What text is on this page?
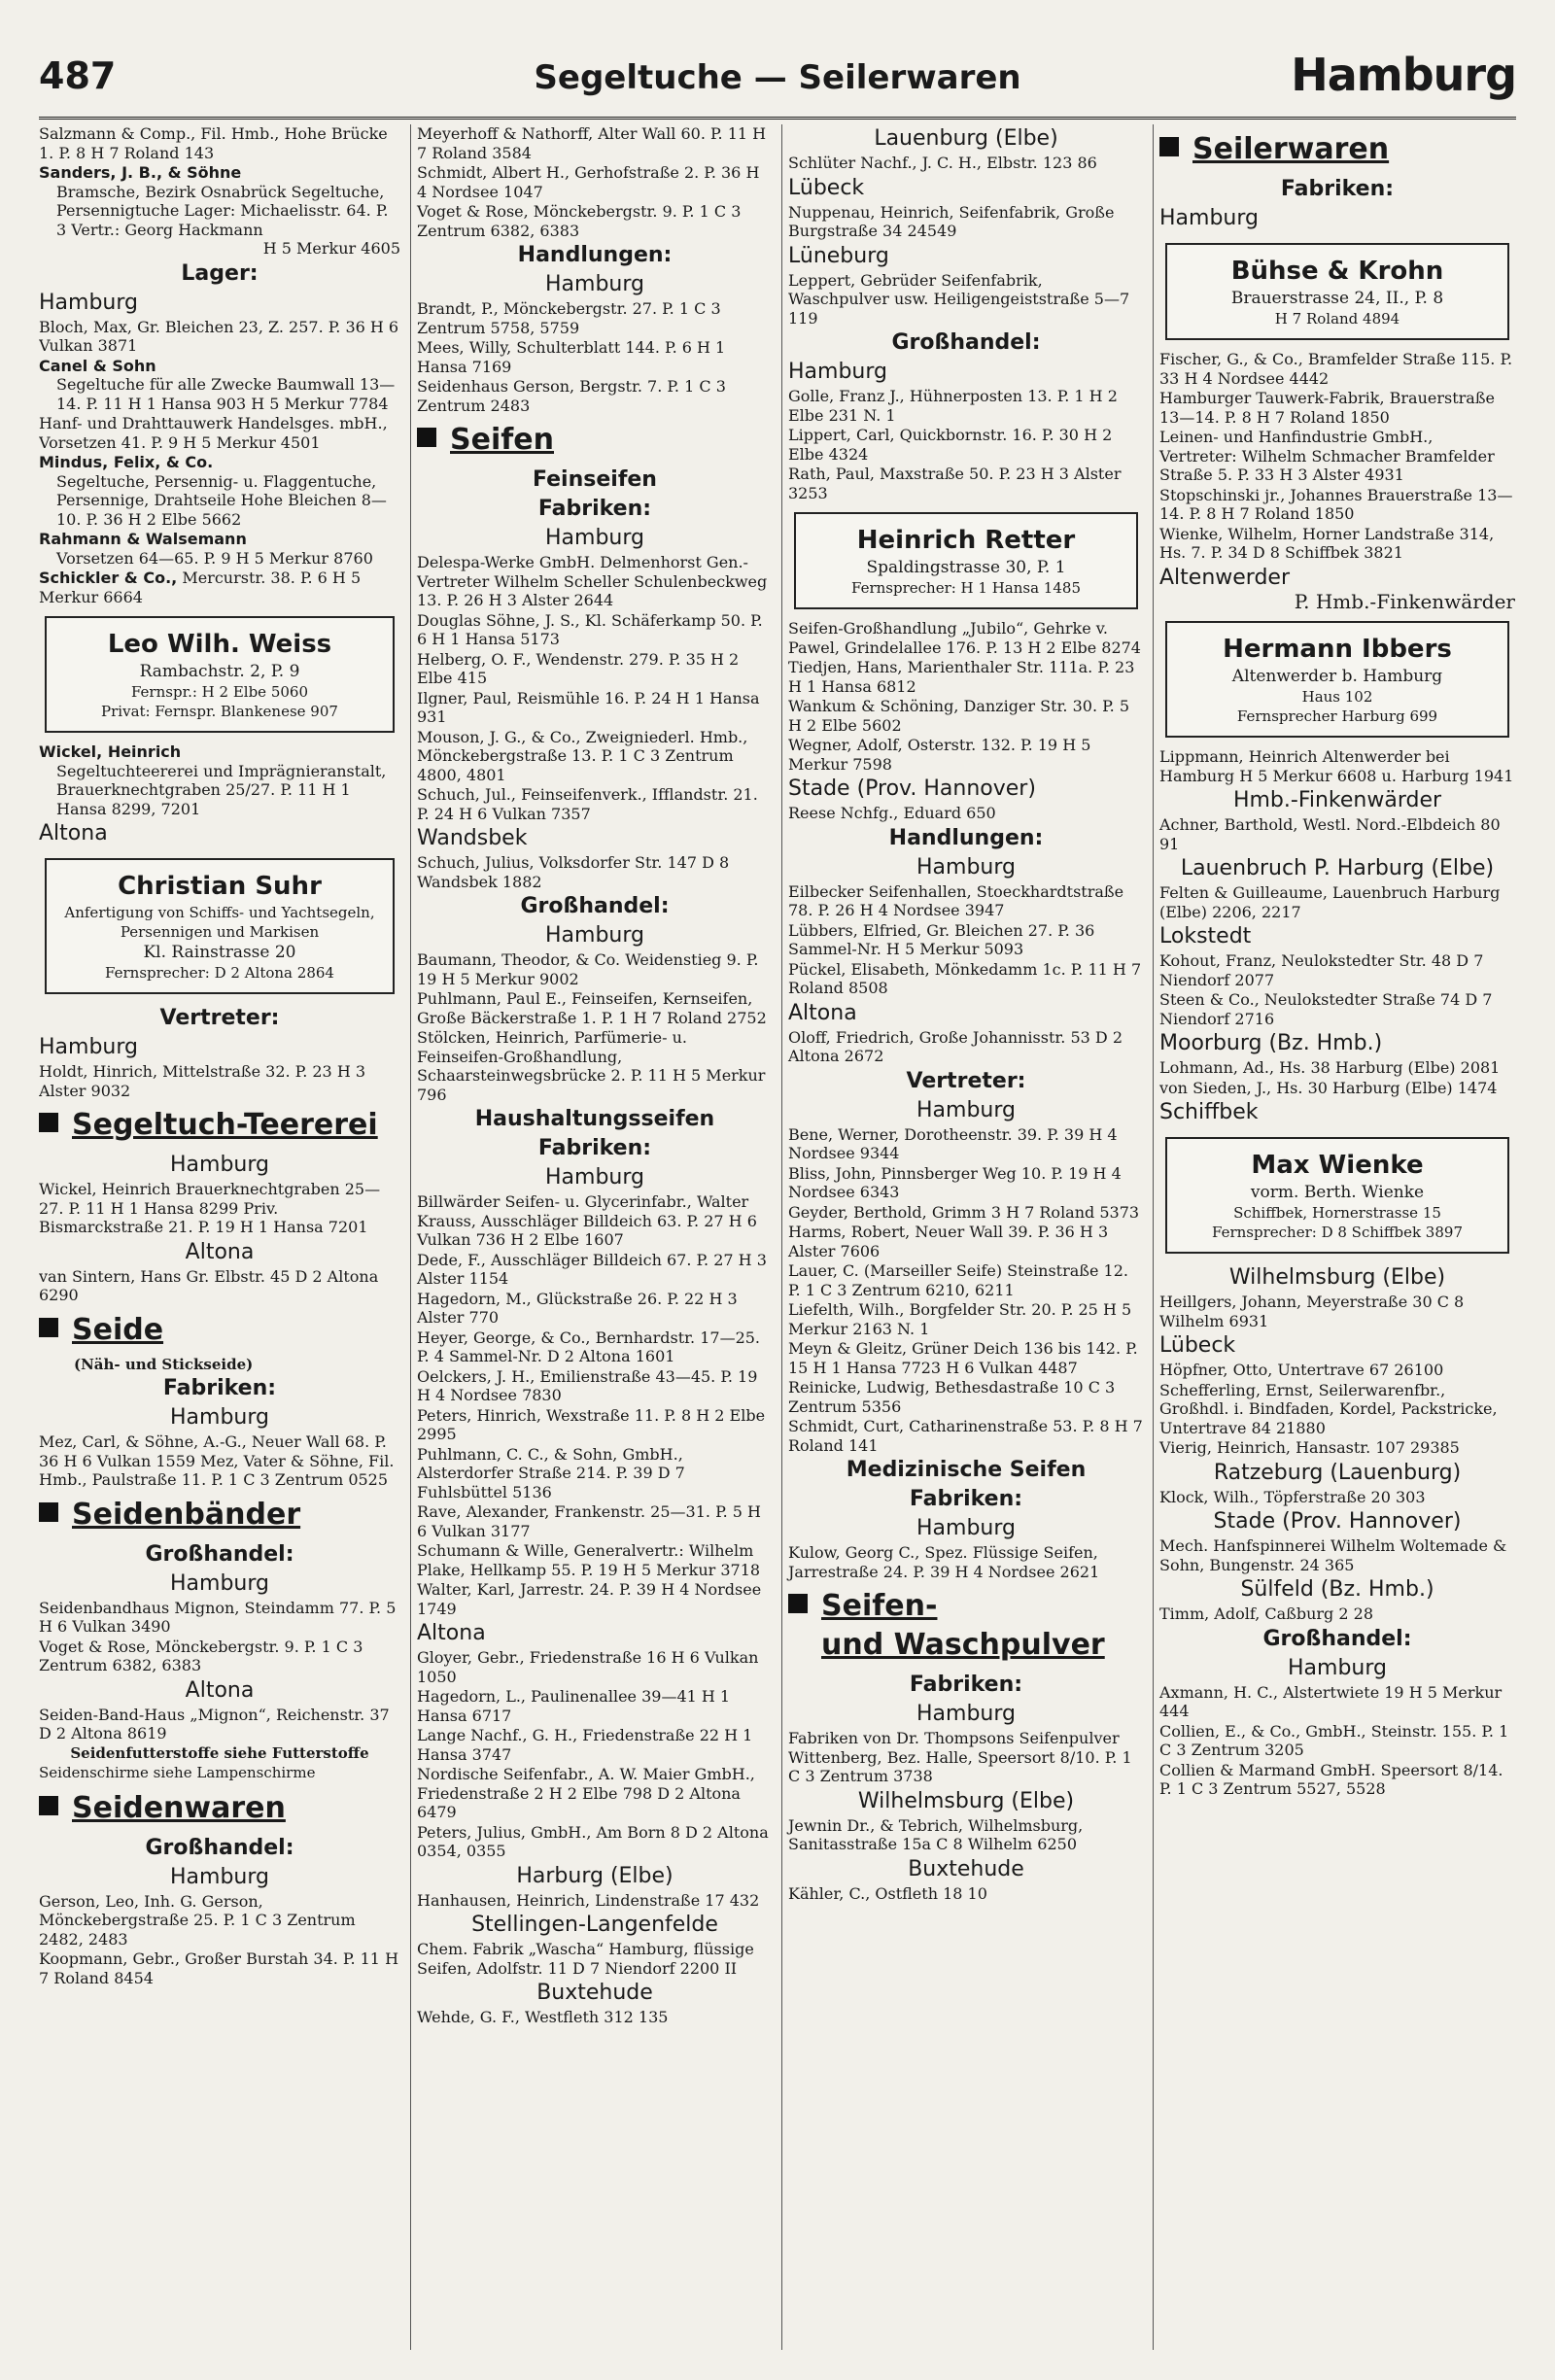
487	Segeltuche — Seilerwaren	Hamburg
Salzmann & Comp., Fil. Hmb., Hohe Brücke 1. P. 8 H 7 Roland 143
Sanders, J. B., & Söhne
Bramsche, Bezirk Osnabrück Segeltuche, Persennigtuche Lager: Michaelisstr. 64. P. 3 Vertr.: Georg Hackmann
H 5 Merkur 4605
Lager:
Hamburg
Bloch, Max, Gr. Bleichen 23, Z. 257. P. 36 H 6 Vulkan 3871
Canel & Sohn
Segeltuche für alle Zwecke Baumwall 13—14. P. 11 H 1 Hansa 903 H 5 Merkur 7784
Hanf- und Drahttauwerk Handelsges. mbH., Vorsetzen 41. P. 9 H 5 Merkur 4501
Mindus, Felix, & Co.
Segeltuche, Persennig- u. Flaggentuche, Persennige, Drahtseile Hohe Bleichen 8—10. P. 36 H 2 Elbe 5662
Rahmann & Walsemann
Vorsetzen 64—65. P. 9 H 5 Merkur 8760
Schickler & Co., Mercurstr. 38. P. 6 H 5 Merkur 6664
Leo Wilh. Weiss
Rambachstr. 2, P. 9
Fernspr.: H 2 Elbe 5060
Privat: Fernspr. Blankenese 907
Wickel, Heinrich
Segeltuchteererei und Imprägnieranstalt, Brauerknechtgraben 25/27. P. 11 H 1 Hansa 8299, 7201
Altona
Christian Suhr
Anfertigung von Schiffs- und Yachtsegeln, Persennigen und Markisen
Kl. Rainstrasse 20
Fernsprecher: D 2 Altona 2864
Vertreter:
Hamburg
Holdt, Hinrich, Mittelstraße 32. P. 23 H 3 Alster 9032
Segeltuch-Teererei
Hamburg
Wickel, Heinrich Brauerknechtgraben 25—27. P. 11 H 1 Hansa 8299 Priv. Bismarckstraße 21. P. 19 H 1 Hansa 7201
Altona
van Sintern, Hans Gr. Elbstr. 45 D 2 Altona 6290
Seide
(Näh- und Stickseide)
Fabriken:
Hamburg
Mez, Carl, & Söhne, A.-G., Neuer Wall 68. P. 36 H 6 Vulkan 1559 Mez, Vater & Söhne, Fil. Hmb., Paulstraße 11. P. 1 C 3 Zentrum 0525
Seidenbänder
Großhandel:
Hamburg
Seidenbandhaus Mignon, Steindamm 77. P. 5 H 6 Vulkan 3490
Voget & Rose, Mönckebergstr. 9. P. 1 C 3 Zentrum 6382, 6383
Altona
Seiden-Band-Haus „Mignon“, Reichenstr. 37 D 2 Altona 8619
Seidenfutterstoffe siehe Futterstoffe
Seidenschirme siehe Lampenschirme
Seidenwaren
Großhandel:
Hamburg
Gerson, Leo, Inh. G. Gerson, Mönckebergstraße 25. P. 1 C 3 Zentrum 2482, 2483
Koopmann, Gebr., Großer Burstah 34. P. 11 H 7 Roland 8454
Meyerhoff & Nathorff, Alter Wall 60. P. 11 H 7 Roland 3584
Schmidt, Albert H., Gerhofstraße 2. P. 36 H 4 Nordsee 1047
Voget & Rose, Mönckebergstr. 9. P. 1 C 3 Zentrum 6382, 6383
Handlungen:
Hamburg
Brandt, P., Mönckebergstr. 27. P. 1 C 3 Zentrum 5758, 5759
Mees, Willy, Schulterblatt 144. P. 6 H 1 Hansa 7169
Seidenhaus Gerson, Bergstr. 7. P. 1 C 3 Zentrum 2483
Seifen
Feinseifen
Fabriken:
Hamburg
Delespa-Werke GmbH. Delmenhorst Gen.-Vertreter Wilhelm Scheller Schulenbeckweg 13. P. 26 H 3 Alster 2644
Douglas Söhne, J. S., Kl. Schäferkamp 50. P. 6 H 1 Hansa 5173
Helberg, O. F., Wendenstr. 279. P. 35 H 2 Elbe 415
Ilgner, Paul, Reismühle 16. P. 24 H 1 Hansa 931
Mouson, J. G., & Co., Zweigniederl. Hmb., Mönckebergstraße 13. P. 1 C 3 Zentrum 4800, 4801
Schuch, Jul., Feinseifenverk., Ifflandstr. 21. P. 24 H 6 Vulkan 7357
Wandsbek
Schuch, Julius, Volksdorfer Str. 147 D 8 Wandsbek 1882
Großhandel:
Hamburg
Baumann, Theodor, & Co. Weidenstieg 9. P. 19 H 5 Merkur 9002
Puhlmann, Paul E., Feinseifen, Kernseifen, Große Bäckerstraße 1. P. 1 H 7 Roland 2752
Stölcken, Heinrich, Parfümerie- u. Feinseifen-Großhandlung, Schaarsteinwegsbrücke 2. P. 11 H 5 Merkur 796
Haushaltungsseifen
Fabriken:
Hamburg
Billwärder Seifen- u. Glycerinfabr., Walter Krauss, Ausschläger Billdeich 63. P. 27 H 6 Vulkan 736 H 2 Elbe 1607
Dede, F., Ausschläger Billdeich 67. P. 27 H 3 Alster 1154
Hagedorn, M., Glückstraße 26. P. 22 H 3 Alster 770
Heyer, George, & Co., Bernhardstr. 17—25. P. 4 Sammel-Nr. D 2 Altona 1601
Oelckers, J. H., Emilienstraße 43—45. P. 19 H 4 Nordsee 7830
Peters, Hinrich, Wexstraße 11. P. 8 H 2 Elbe 2995
Puhlmann, C. C., & Sohn, GmbH., Alsterdorfer Straße 214. P. 39 D 7 Fuhlsbüttel 5136
Rave, Alexander, Frankenstr. 25—31. P. 5 H 6 Vulkan 3177
Schumann & Wille, Generalvertr.: Wilhelm Plake, Hellkamp 55. P. 19 H 5 Merkur 3718
Walter, Karl, Jarrestr. 24. P. 39 H 4 Nordsee 1749
Altona
Gloyer, Gebr., Friedenstraße 16 H 6 Vulkan 1050
Hagedorn, L., Paulinenallee 39—41 H 1 Hansa 6717
Lange Nachf., G. H., Friedenstraße 22 H 1 Hansa 3747
Nordische Seifenfabr., A. W. Maier GmbH., Friedenstraße 2 H 2 Elbe 798 D 2 Altona 6479
Peters, Julius, GmbH., Am Born 8 D 2 Altona 0354, 0355
Harburg (Elbe)
Hanhausen, Heinrich, Lindenstraße 17 432
Stellingen-Langenfelde
Chem. Fabrik „Wascha“ Hamburg, flüssige Seifen, Adolfstr. 11 D 7 Niendorf 2200 II
Buxtehude
Wehde, G. F., Westfleth 312 135
Lauenburg (Elbe)
Schlüter Nachf., J. C. H., Elbstr. 123 86
Lübeck
Nuppenau, Heinrich, Seifenfabrik, Große Burgstraße 34 24549
Lüneburg
Leppert, Gebrüder Seifenfabrik, Waschpulver usw. Heiligengeiststraße 5—7 119
Großhandel:
Hamburg
Golle, Franz J., Hühnerposten 13. P. 1 H 2 Elbe 231 N. 1
Lippert, Carl, Quickbornstr. 16. P. 30 H 2 Elbe 4324
Rath, Paul, Maxstraße 50. P. 23 H 3 Alster 3253
Heinrich Retter
Spaldingstrasse 30, P. 1
Fernsprecher: H 1 Hansa 1485
Seifen-Großhandlung „Jubilo“, Gehrke v. Pawel, Grindelallee 176. P. 13 H 2 Elbe 8274
Tiedjen, Hans, Marienthaler Str. 111a. P. 23 H 1 Hansa 6812
Wankum & Schöning, Danziger Str. 30. P. 5 H 2 Elbe 5602
Wegner, Adolf, Osterstr. 132. P. 19 H 5 Merkur 7598
Stade (Prov. Hannover)
Reese Nchfg., Eduard 650
Handlungen:
Hamburg
Eilbecker Seifenhallen, Stoeckhardtstraße 78. P. 26 H 4 Nordsee 3947
Lübbers, Elfried, Gr. Bleichen 27. P. 36 Sammel-Nr. H 5 Merkur 5093
Pückel, Elisabeth, Mönkedamm 1c. P. 11 H 7 Roland 8508
Altona
Oloff, Friedrich, Große Johannisstr. 53 D 2 Altona 2672
Vertreter:
Hamburg
Bene, Werner, Dorotheenstr. 39. P. 39 H 4 Nordsee 9344
Bliss, John, Pinnsberger Weg 10. P. 19 H 4 Nordsee 6343
Geyder, Berthold, Grimm 3 H 7 Roland 5373
Harms, Robert, Neuer Wall 39. P. 36 H 3 Alster 7606
Lauer, C. (Marseiller Seife) Steinstraße 12. P. 1 C 3 Zentrum 6210, 6211
Liefelth, Wilh., Borgfelder Str. 20. P. 25 H 5 Merkur 2163 N. 1
Meyn & Gleitz, Grüner Deich 136 bis 142. P. 15 H 1 Hansa 7723 H 6 Vulkan 4487
Reinicke, Ludwig, Bethesdastraße 10 C 3 Zentrum 5356
Schmidt, Curt, Catharinenstraße 53. P. 8 H 7 Roland 141
Medizinische Seifen
Fabriken:
Hamburg
Kulow, Georg C., Spez. Flüssige Seifen, Jarrestraße 24. P. 39 H 4 Nordsee 2621
Seifen-
und Waschpulver
Fabriken:
Hamburg
Fabriken von Dr. Thompsons Seifenpulver Wittenberg, Bez. Halle, Speersort 8/10. P. 1 C 3 Zentrum 3738
Wilhelmsburg (Elbe)
Jewnin Dr., & Tebrich, Wilhelmsburg, Sanitasstraße 15a C 8 Wilhelm 6250
Buxtehude
Kähler, C., Ostfleth 18 10
Seilerwaren
Fabriken:
Hamburg
Bühse & Krohn
Brauerstrasse 24, II., P. 8
H 7 Roland 4894
Fischer, G., & Co., Bramfelder Straße 115. P. 33 H 4 Nordsee 4442
Hamburger Tauwerk-Fabrik, Brauerstraße 13—14. P. 8 H 7 Roland 1850
Leinen- und Hanfindustrie GmbH., Vertreter: Wilhelm Schmacher Bramfelder Straße 5. P. 33 H 3 Alster 4931
Stopschinski jr., Johannes Brauerstraße 13—14. P. 8 H 7 Roland 1850
Wienke, Wilhelm, Horner Landstraße 314, Hs. 7. P. 34 D 8 Schiffbek 3821
Altenwerder
P. Hmb.-Finkenwärder
Hermann Ibbers
Altenwerder b. Hamburg
Haus 102
Fernsprecher Harburg 699
Lippmann, Heinrich Altenwerder bei Hamburg H 5 Merkur 6608 u. Harburg 1941
Hmb.-Finkenwärder
Achner, Barthold, Westl. Nord.-Elbdeich 80 91
Lauenbruch P. Harburg (Elbe)
Felten & Guilleaume, Lauenbruch Harburg (Elbe) 2206, 2217
Lokstedt
Kohout, Franz, Neulokstedter Str. 48 D 7 Niendorf 2077
Steen & Co., Neulokstedter Straße 74 D 7 Niendorf 2716
Moorburg (Bz. Hmb.)
Lohmann, Ad., Hs. 38 Harburg (Elbe) 2081
von Sieden, J., Hs. 30 Harburg (Elbe) 1474
Schiffbek
Max Wienke
vorm. Berth. Wienke
Schiffbek, Hornerstrasse 15
Fernsprecher: D 8 Schiffbek 3897
Wilhelmsburg (Elbe)
Heillgers, Johann, Meyerstraße 30 C 8 Wilhelm 6931
Lübeck
Höpfner, Otto, Untertrave 67 26100
Schefferling, Ernst, Seilerwarenfbr., Großhdl. i. Bindfaden, Kordel, Packstricke, Untertrave 84 21880
Vierig, Heinrich, Hansastr. 107 29385
Ratzeburg (Lauenburg)
Klock, Wilh., Töpferstraße 20 303
Stade (Prov. Hannover)
Mech. Hanfspinnerei Wilhelm Woltemade & Sohn, Bungenstr. 24 365
Sülfeld (Bz. Hmb.)
Timm, Adolf, Caßburg 2 28
Großhandel:
Hamburg
Axmann, H. C., Alstertwiete 19 H 5 Merkur 444
Collien, E., & Co., GmbH., Steinstr. 155. P. 1 C 3 Zentrum 3205
Collien & Marmand GmbH. Speersort 8/14. P. 1 C 3 Zentrum 5527, 5528
